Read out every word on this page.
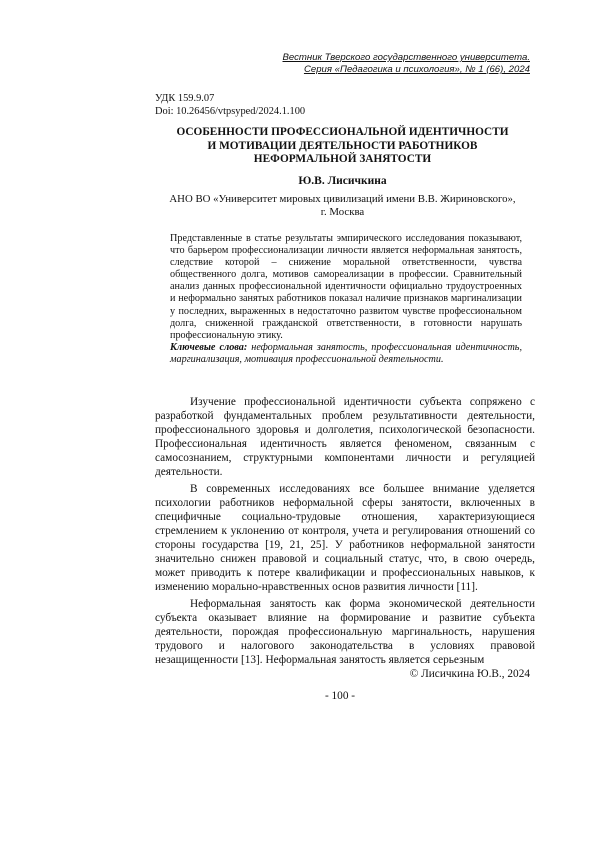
Вестник Тверского государственного университета.
Серия «Педагогика и психология», № 1 (66), 2024
УДК 159.9.07
Doi: 10.26456/vtpsyped/2024.1.100
ОСОБЕННОСТИ ПРОФЕССИОНАЛЬНОЙ ИДЕНТИЧНОСТИ
И МОТИВАЦИИ ДЕЯТЕЛЬНОСТИ РАБОТНИКОВ
НЕФОРМАЛЬНОЙ ЗАНЯТОСТИ
Ю.В. Лисичкина
АНО ВО «Университет мировых цивилизаций имени В.В. Жириновского»,
г. Москва

Представленные в статье результаты эмпирического исследования показывают, что барьером профессионализации личности является неформальная занятость, следствие которой – снижение моральной ответственности, чувства общественного долга, мотивов самореализации в профессии. Сравнительный анализ данных профессиональной идентичности официально трудоустроенных и неформально занятых работников показал наличие признаков маргинализации у последних, выраженных в недостаточно развитом чувстве профессиональном долга, сниженной гражданской ответственности, в готовности нарушать профессиональную этику.

Ключевые слова: неформальная занятость, профессиональная идентичность, маргинализация, мотивация профессиональной деятельности.

Изучение профессиональной идентичности субъекта сопряжено с разработкой фундаментальных проблем результативности деятельности, профессионального здоровья и долголетия, психологической безопасности. Профессиональная идентичность является феноменом, связанным с самосознанием, структурными компонентами личности и регуляцией деятельности.

В современных исследованиях все большее внимание уделяется психологии работников неформальной сферы занятости, включенных в специфичные социально-трудовые отношения, характеризующиеся стремлением к уклонению от контроля, учета и регулирования отношений со стороны государства [19, 21, 25]. У работников неформальной занятости значительно снижен правовой и социальный статус, что, в свою очередь, может приводить к потере квалификации и профессиональных навыков, к изменению морально-нравственных основ развития личности [11].

Неформальная занятость как форма экономической деятельности субъекта оказывает влияние на формирование и развитие субъекта деятельности, порождая профессиональную маргинальность, нарушения трудового и налогового законодательства в условиях правовой незащищенности [13]. Неформальная занятость является серьезным

© Лисичкина Ю.В., 2024
- 100 -
